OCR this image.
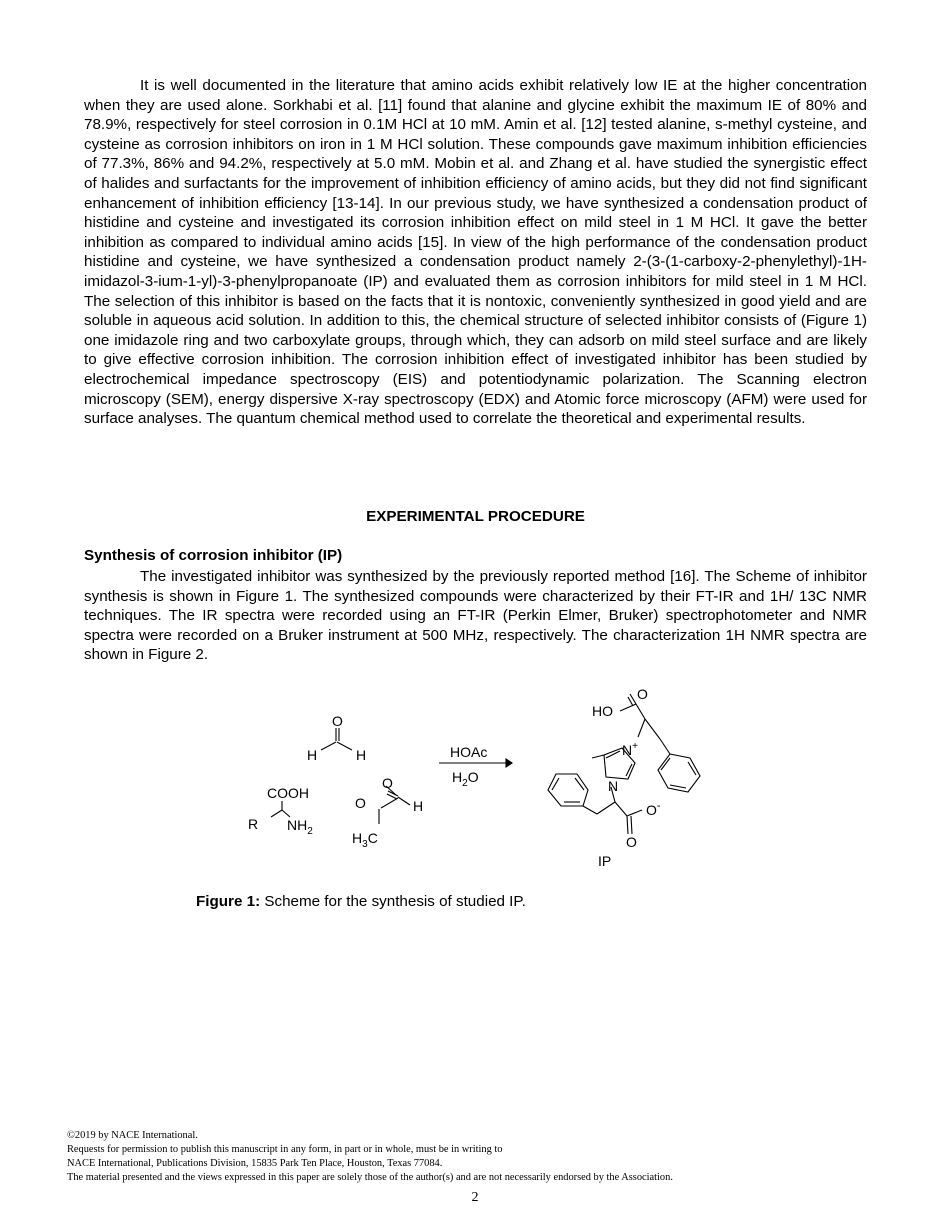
It is well documented in the literature that amino acids exhibit relatively low IE at the higher concentration when they are used alone. Sorkhabi et al. [11] found that alanine and glycine exhibit the maximum IE of 80% and 78.9%, respectively for steel corrosion in 0.1M HCl at 10 mM. Amin et al. [12] tested alanine, s-methyl cysteine, and cysteine as corrosion inhibitors on iron in 1 M HCl solution. These compounds gave maximum inhibition efficiencies of 77.3%, 86% and 94.2%, respectively at 5.0 mM. Mobin et al. and Zhang et al. have studied the synergistic effect of halides and surfactants for the improvement of inhibition efficiency of amino acids, but they did not find significant enhancement of inhibition efficiency [13-14]. In our previous study, we have synthesized a condensation product of histidine and cysteine and investigated its corrosion inhibition effect on mild steel in 1 M HCl. It gave the better inhibition as compared to individual amino acids [15]. In view of the high performance of the condensation product histidine and cysteine, we have synthesized a condensation product namely 2-(3-(1-carboxy-2-phenylethyl)-1H-imidazol-3-ium-1-yl)-3-phenylpropanoate (IP) and evaluated them as corrosion inhibitors for mild steel in 1 M HCl. The selection of this inhibitor is based on the facts that it is nontoxic, conveniently synthesized in good yield and are soluble in aqueous acid solution. In addition to this, the chemical structure of selected inhibitor consists of (Figure 1) one imidazole ring and two carboxylate groups, through which, they can adsorb on mild steel surface and are likely to give effective corrosion inhibition. The corrosion inhibition effect of investigated inhibitor has been studied by electrochemical impedance spectroscopy (EIS) and potentiodynamic polarization. The Scanning electron microscopy (SEM), energy dispersive X-ray spectroscopy (EDX) and Atomic force microscopy (AFM) were used for surface analyses. The quantum chemical method used to correlate the theoretical and experimental results.

EXPERIMENTAL PROCEDURE
Synthesis of corrosion inhibitor (IP)

The investigated inhibitor was synthesized by the previously reported method [16]. The Scheme of inhibitor synthesis is shown in Figure 1. The synthesized compounds were characterized by their FT-IR and 1H/ 13C NMR techniques. The IR spectra were recorded using an FT-IR (Perkin Elmer, Bruker) spectrophotometer and NMR spectra were recorded on a Bruker instrument at 500 MHz, respectively. The characterization 1H NMR spectra are shown in Figure 2.

O
H	H
COOH
R $NH_2$
O
O	H
$H_3C$
HOAc
$H_2O$
HO
O
N+
N
O-
O
IP

Figure 1: Scheme for the synthesis of studied IP.

©2019 by NACE International.
Requests for permission to publish this manuscript in any form, in part or in whole, must be in writing to
NACE International, Publications Division, 15835 Park Ten Place, Houston, Texas 77084.
The material presented and the views expressed in this paper are solely those of the author(s) and are not necessarily endorsed by the Association.
2
